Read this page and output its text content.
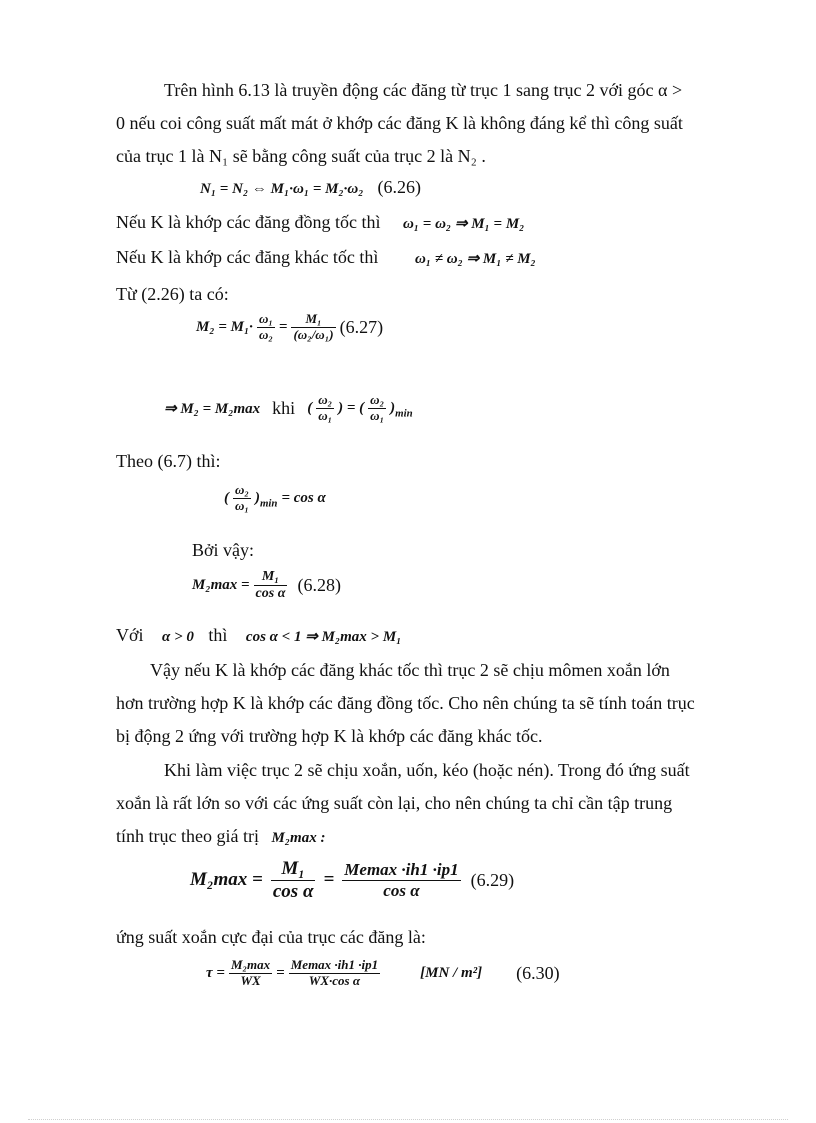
Trên hình 6.13 là truyền động các đăng từ trục 1 sang trục 2 với góc α >
0 nếu coi công suất mất mát ở khớp các đăng K là không đáng kể thì công suất
của trục 1 là N₁ sẽ bằng công suất của trục 2 là N₂ .
N₁ = N₂ ⇔ M₁·ω₁ = M₂·ω₂ (6.26)
Nếu K là khớp các đăng đồng tốc thì ω₁ = ω₂ ⇒ M₁ = M₂
Nếu K là khớp các đăng khác tốc thì ω₁ ≠ ω₂ ⇒ M₁ ≠ M₂
Từ (2.26) ta có:
$M_2 = M_1\cdot \frac{\text{ω₁}}{\text{ω₂}} = \frac{\text{M₁}}{\text{(ω₂/ω₁)}} (6.27)$
⇒ M₂ = M₂max khi ( $\frac{\text{ω₂}}{\text{ω₁}}$ ) = ( $\frac{\text{ω₂}}{\text{ω₁}} )_{min}$
Theo (6.7) thì:
( $\frac{\text{ω₂}}{\text{ω₁}} )_{min} = \cos \alpha$
Bởi vậy:
$M_2\max = \frac{\text{M₁}}{\text{cos α}} (6.28)$
Với α > 0 thì cos α < 1 ⇒ M₂max > M₁
Vậy nếu K là khớp các đăng khác tốc thì trục 2 sẽ chịu mômen xoắn lớn
hơn trường hợp K là khớp các đăng đồng tốc. Cho nên chúng ta sẽ tính toán trục
bị động 2 ứng với trường hợp K là khớp các đăng khác tốc.
Khi làm việc trục 2 sẽ chịu xoắn, uốn, kéo (hoặc nén). Trong đó ứng suất
xoắn là rất lớn so với các ứng suất còn lại, cho nên chúng ta chỉ cần tập trung
tính trục theo giá trị M₂max :
$M_2\max = \frac{\text{M₁}}{\text{cos α}} = \frac{Memax \cdot ih1 \cdot ip1}{\text{cos α}} (6.29)$
ứng suất xoắn cực đại của trục các đăng là:
$\tau = \frac{\text{M₂max}}{WX} = \frac{Memax \cdot ih1 \cdot ip1}{\text{WX·cos α}}$	[MN / m²] (6.30)
